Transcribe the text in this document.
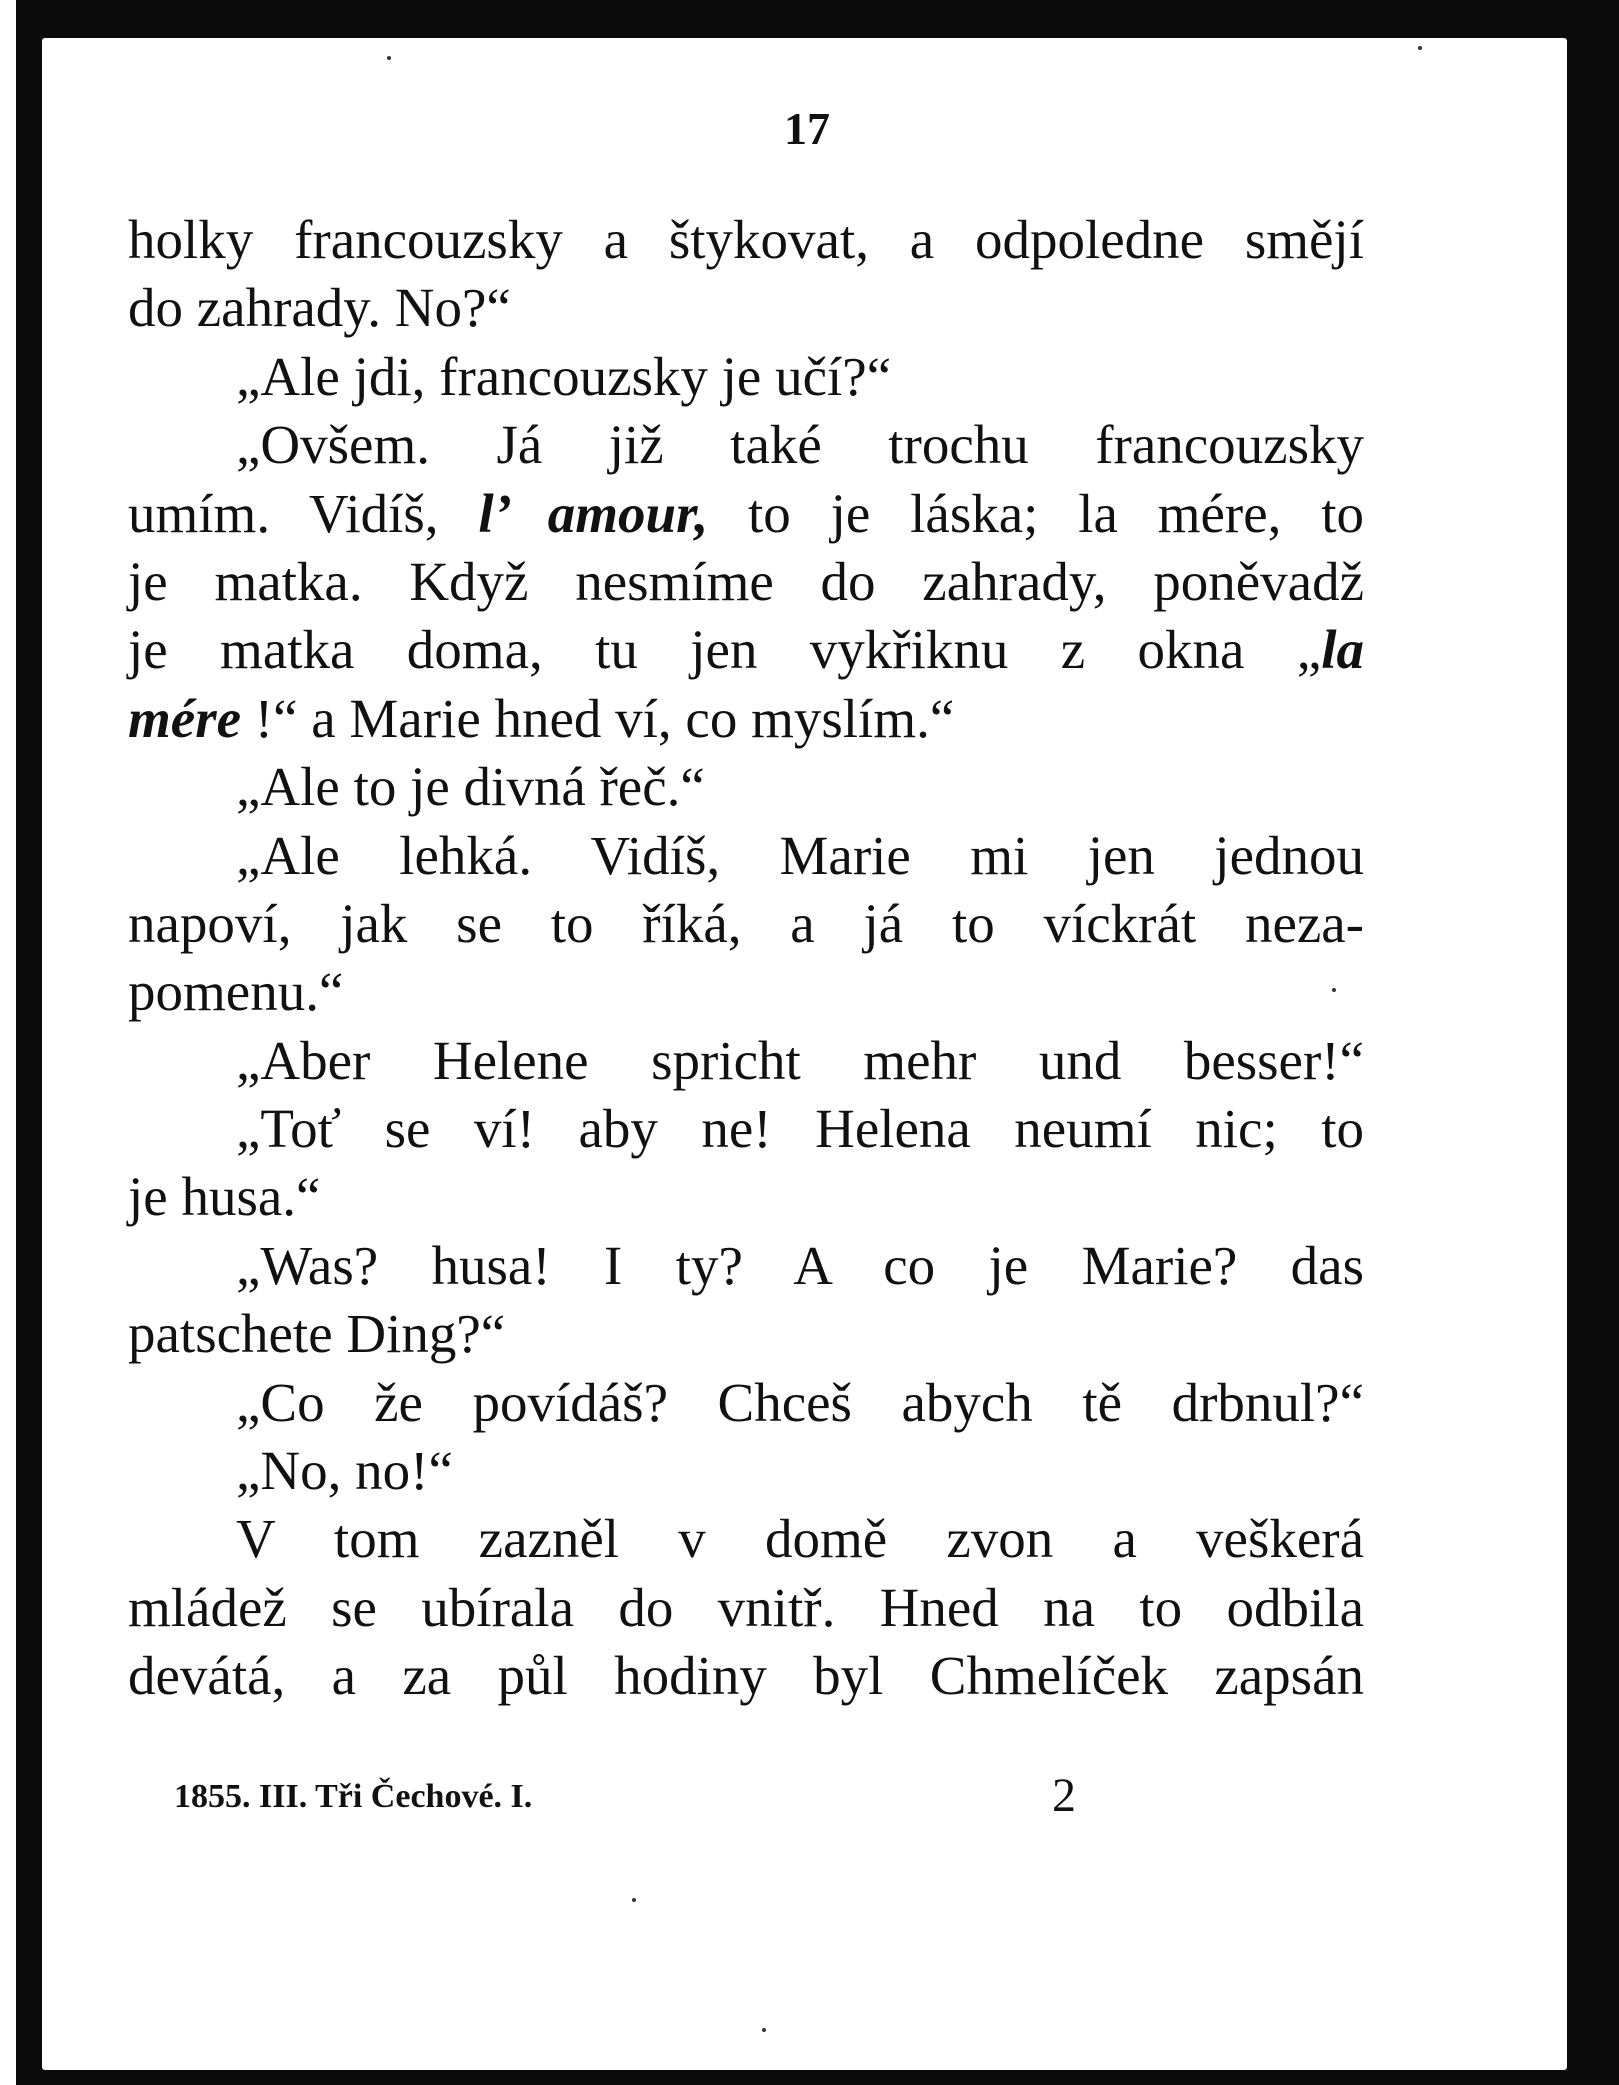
17
holky francouzsky a štykovat, a odpoledne smějí
do zahrady. No?“
„Ale jdi, francouzsky je učí?“
„Ovšem. Já již také trochu francouzsky
umím. Vidíš, l’ amour, to je láska; la mére, to
je matka. Když nesmíme do zahrady, poněvadž
je matka doma, tu jen vykřiknu z okna „la
mére !“ a Marie hned ví, co myslím.“
„Ale to je divná řeč.“
„Ale lehká. Vidíš, Marie mi jen jednou
napoví, jak se to říká, a já to víckrát neza-
pomenu.“
„Aber Helene spricht mehr und besser!“
„Toť se ví! aby ne! Helena neumí nic; to
je husa.“
„Was? husa! I ty? A co je Marie? das
patschete Ding?“
„Co že povídáš? Chceš abych tě drbnul?“
„No, no!“
V tom zazněl v domě zvon a veškerá
mládež se ubírala do vnitř. Hned na to odbila
devátá, a za půl hodiny byl Chmelíček zapsán
1855. III. Tři Čechové. I.	2
